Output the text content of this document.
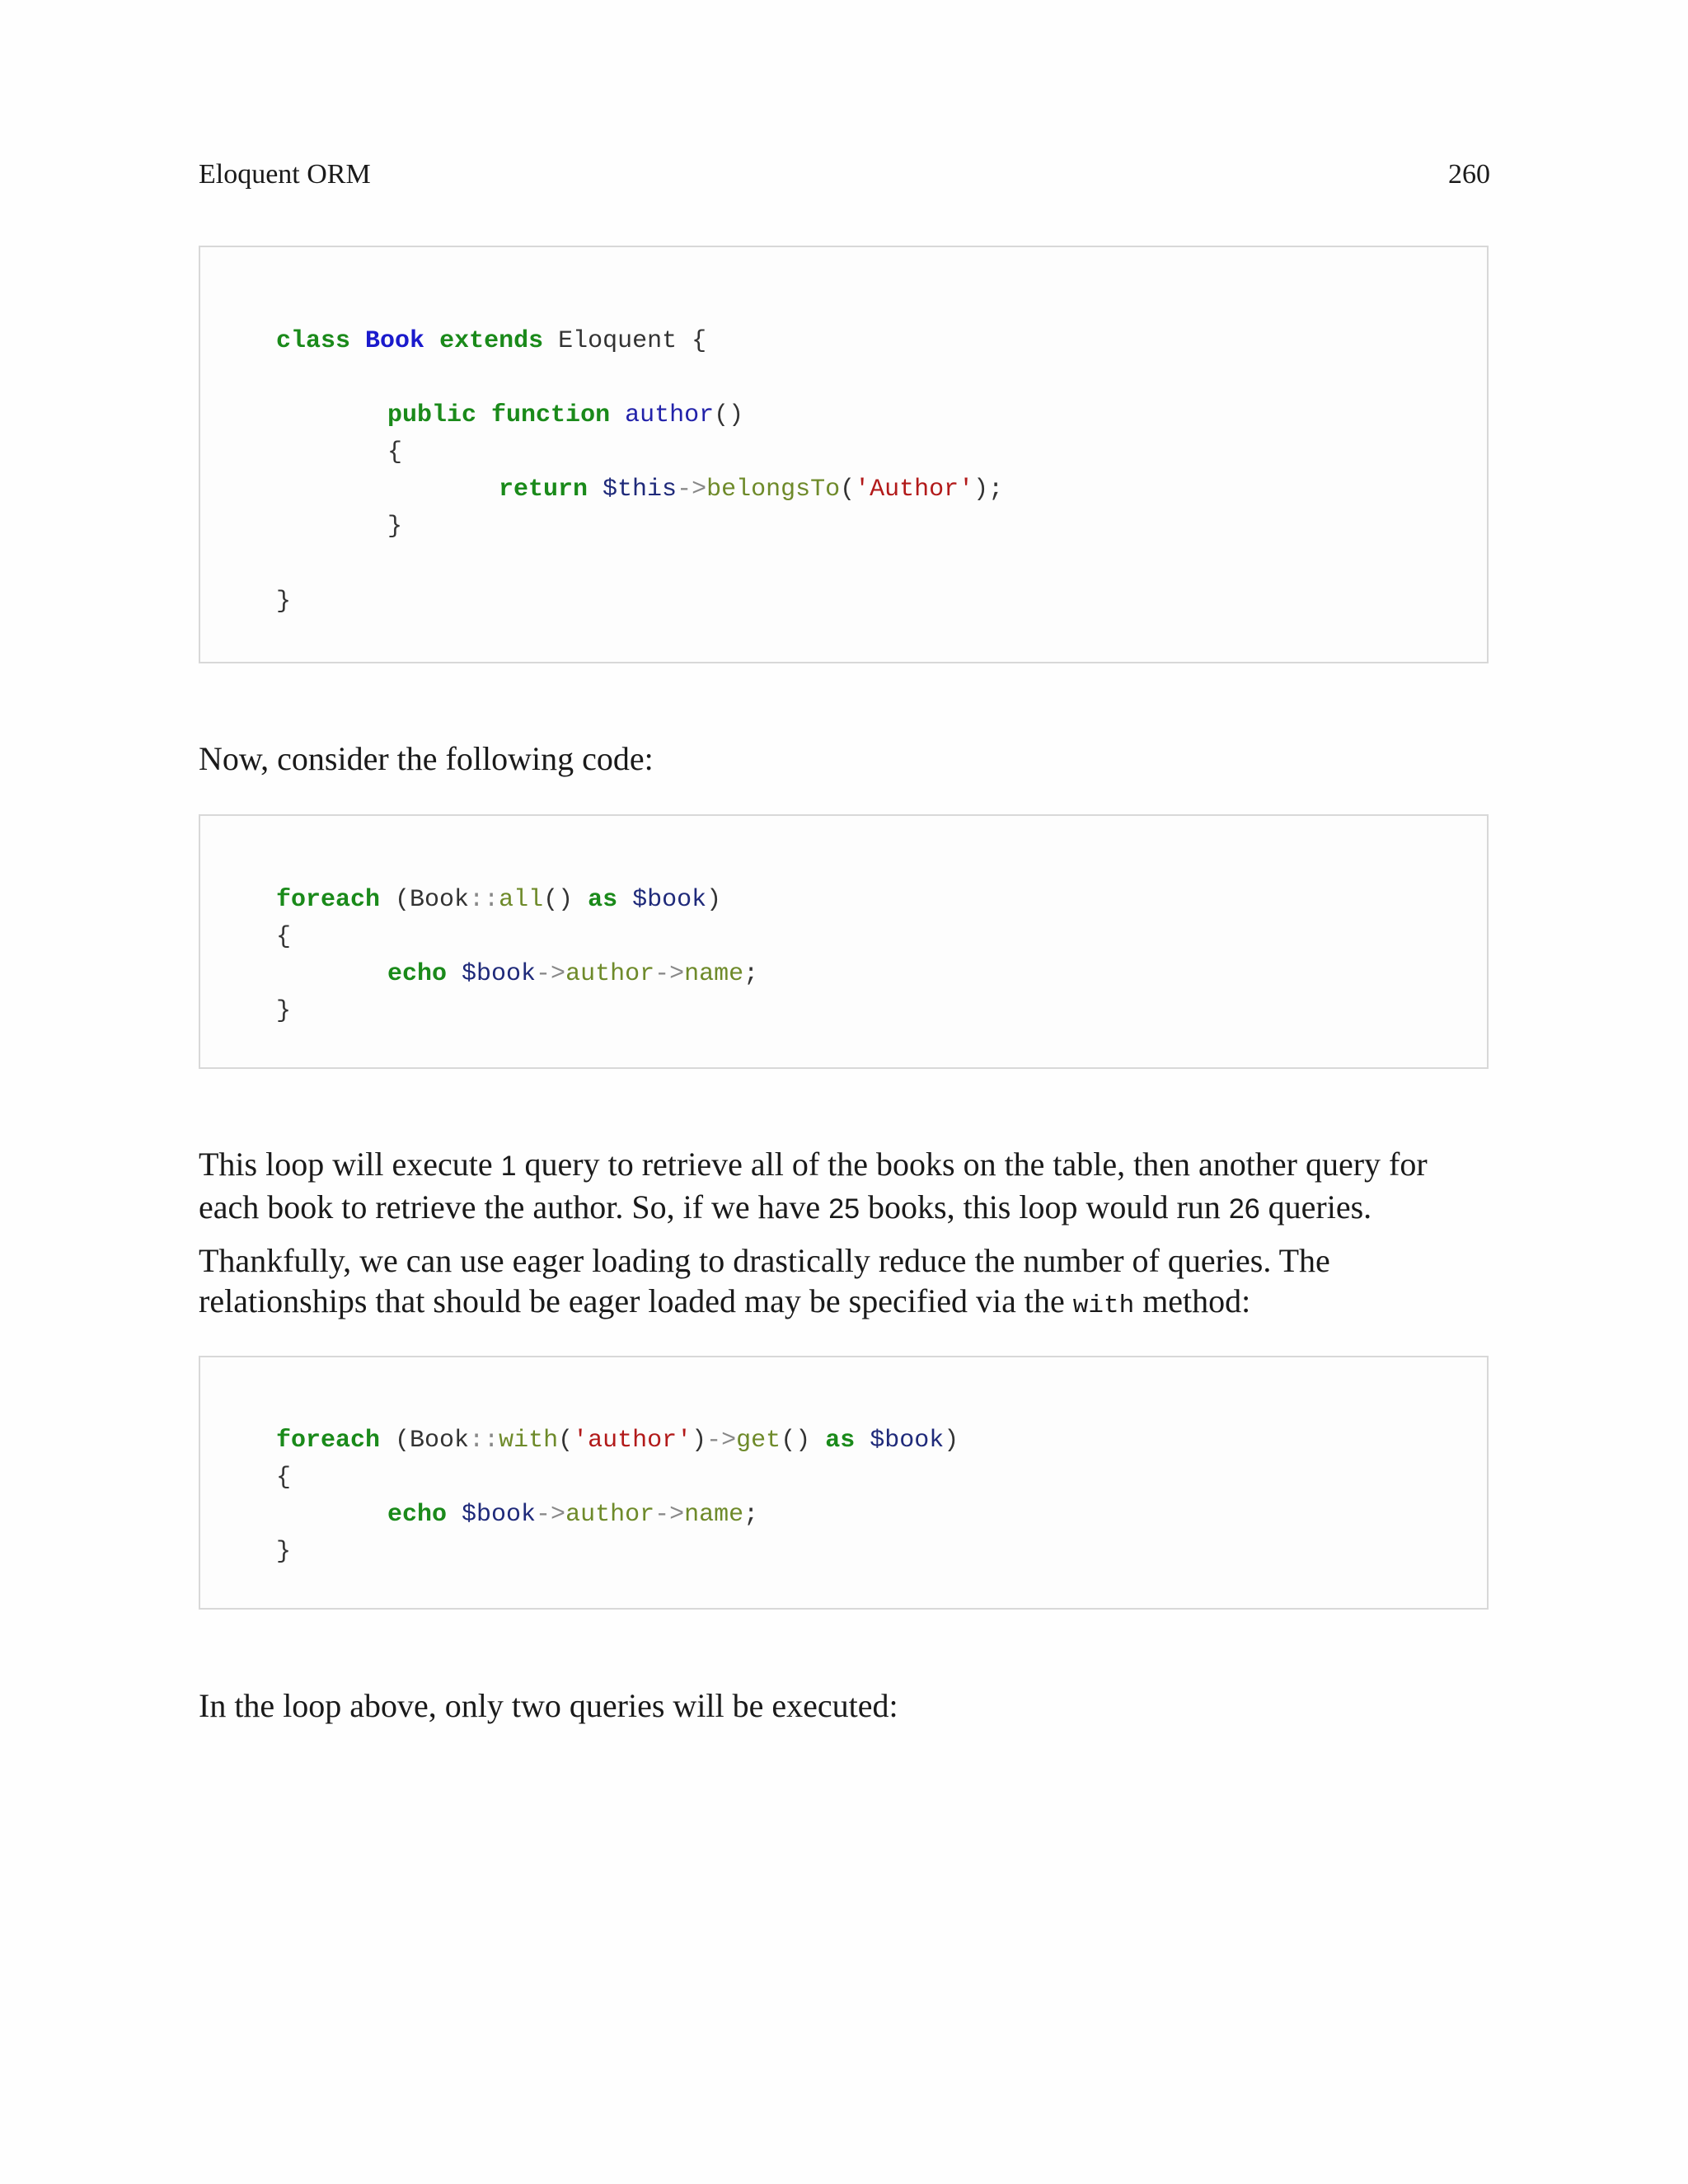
Eloquent ORM	260
class Book extends Eloquent {
public function author()
{
return $this->belongsTo('Author');
}
}
Now, consider the following code:
foreach (Book::all() as $book)
{
echo $book->author->name;
}
This loop will execute 1 query to retrieve all of the books on the table, then another query for each book to retrieve the author. So, if we have 25 books, this loop would run 26 queries.
Thankfully, we can use eager loading to drastically reduce the number of queries. The relationships that should be eager loaded may be specified via the with method:
foreach (Book::with('author')->get() as $book)
{
echo $book->author->name;
}
In the loop above, only two queries will be executed:
